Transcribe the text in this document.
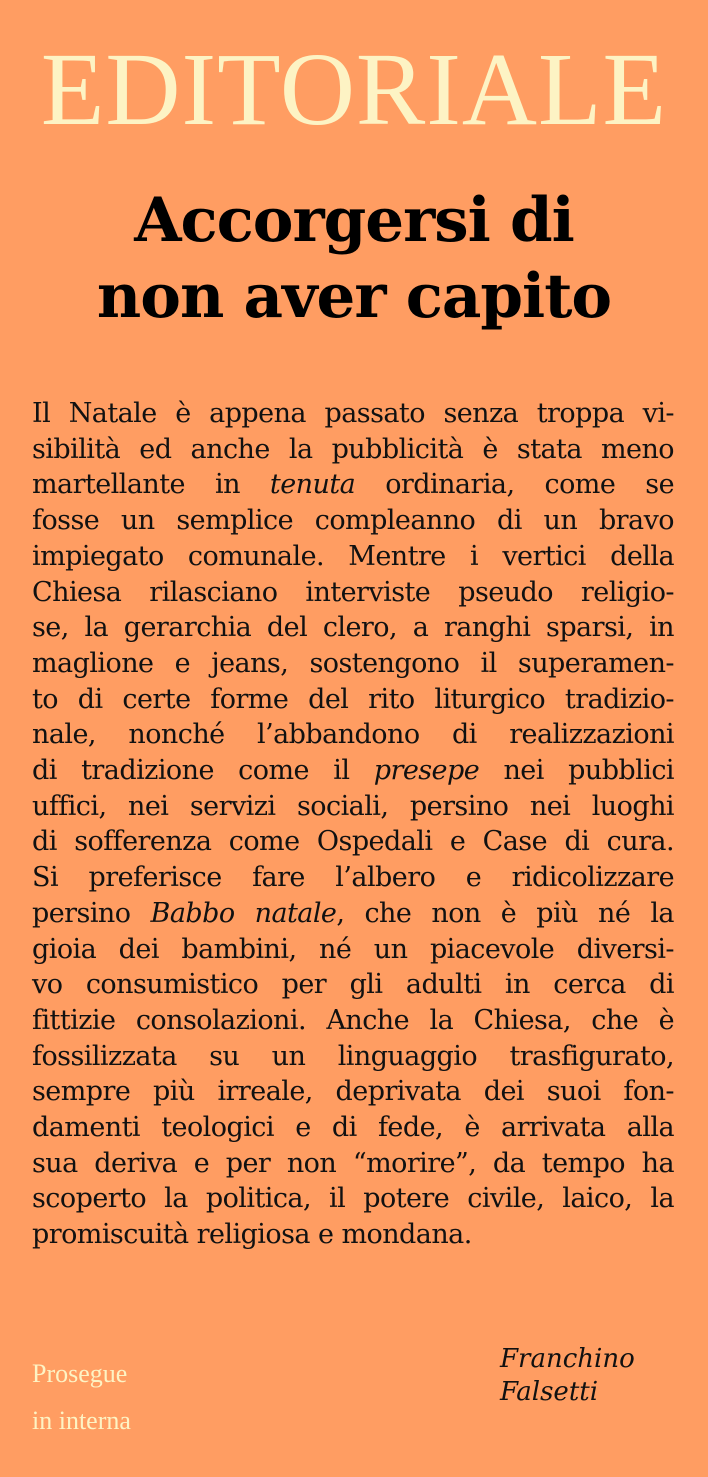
EDITORIALE
Accorgersi di
non aver capito
Il Natale è appena passato senza troppa vi-
sibilità ed anche la pubblicità è stata meno
martellante in tenuta ordinaria, come se
fosse un semplice compleanno di un bravo
impiegato comunale. Mentre i vertici della
Chiesa rilasciano interviste pseudo religio-
se, la gerarchia del clero, a ranghi sparsi, in
maglione e jeans, sostengono il superamen-
to di certe forme del rito liturgico tradizio-
nale, nonché l’abbandono di realizzazioni
di tradizione come il presepe nei pubblici
uffici, nei servizi sociali, persino nei luoghi
di sofferenza come Ospedali e Case di cura.
Si preferisce fare l’albero e ridicolizzare
persino Babbo natale, che non è più né la
gioia dei bambini, né un piacevole diversi-
vo consumistico per gli adulti in cerca di
fittizie consolazioni. Anche la Chiesa, che è
fossilizzata su un linguaggio trasfigurato,
sempre più irreale, deprivata dei suoi fon-
damenti teologici e di fede, è arrivata alla
sua deriva e per non “morire”, da tempo ha
scoperto la politica, il potere civile, laico, la
promiscuità religiosa e mondana.
Prosegue
in interna
Franchino
Falsetti
